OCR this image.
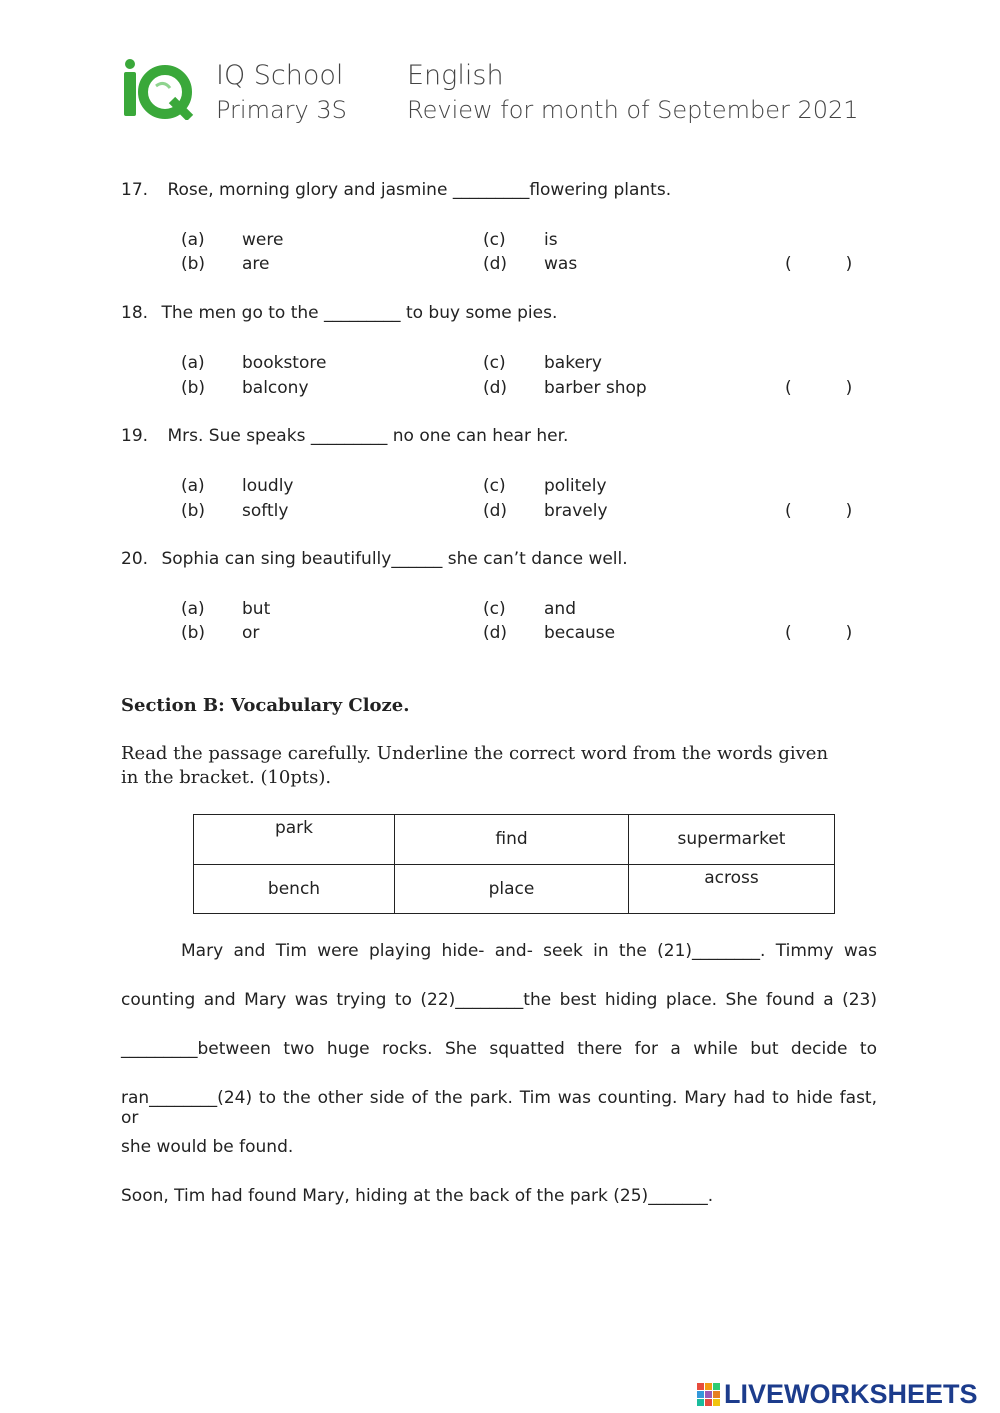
IQ School
Primary 3S
English
Review for month of September 2021
17. Rose, morning glory and jasmine _________flowering plants.
(a) were
(b) are
(c) is
(d) was	(          )
18. The men go to the _________ to buy some pies.
(a) bookstore
(b) balcony
(c) bakery
(d) barber shop	(          )
19. Mrs. Sue speaks _________ no one can hear her.
(a) loudly
(b) softly
(c) politely
(d) bravely	(          )
20. Sophia can sing beautifully______ she can’t dance well.
(a) but
(b) or
(c) and
(d) because	(          )
Section B: Vocabulary Cloze.
Read the passage carefully. Underline the correct word from the words given in the bracket. (10pts).
park	find	supermarket
bench	place	across
Mary and Tim were playing hide- and- seek in the (21)________. Timmy was
counting and Mary was trying to (22)________the best hiding place. She found a (23)
_________between two huge rocks. She squatted there for a while but decide to
ran________(24) to the other side of the park. Tim was counting. Mary had to hide fast, or
she would be found.
Soon, Tim had found Mary, hiding at the back of the park (25)_______.
LIVEWORKSHEETS
